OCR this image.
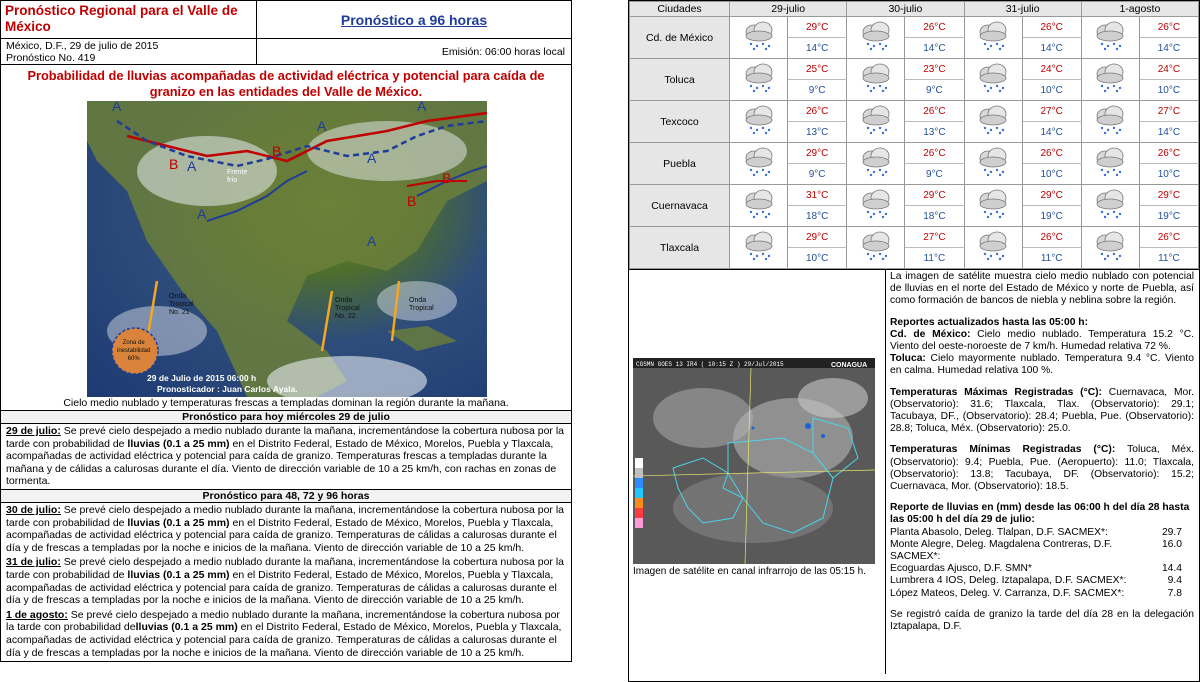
Pronóstico Regional para el Valle de México	Pronóstico a 96 horas
México, D.F., 29 de julio de 2015
Pronóstico No. 419
Emisión: 06:00 horas local
Probabilidad de lluvias acompañadas de actividad eléctrica y potencial para caída de granizo en las entidades del Valle de México.
A
A
B A
A
A
B
B
B
A
A
Frente
frío
Onda
Tropical
No. 21
Onda
Tropical
No. 22
Onda
Tropical
Zona de
inestabilidad
60%
29 de Julio de 2015 06:00 h
Pronosticador : Juan Carlos Ayala.
Cielo medio nublado y temperaturas frescas a templadas dominan la región durante la mañana.
Pronóstico para hoy miércoles 29 de julio
29 de julio: Se prevé cielo despejado a medio nublado durante la mañana, incrementándose la cobertura nubosa por la tarde con probabilidad de lluvias (0.1 a 25 mm) en el Distrito Federal, Estado de México, Morelos, Puebla y Tlaxcala, acompañadas de actividad eléctrica y potencial para caída de granizo. Temperaturas frescas a templadas durante la mañana y de cálidas a calurosas durante el día. Viento de dirección variable de 10 a 25 km/h, con rachas en zonas de tormenta.
Pronóstico para 48, 72 y 96 horas
30 de julio: Se prevé cielo despejado a medio nublado durante la mañana, incrementándose la cobertura nubosa por la tarde con probabilidad de lluvias (0.1 a 25 mm) en el Distrito Federal, Estado de México, Morelos, Puebla y Tlaxcala, acompañadas de actividad eléctrica y potencial para caída de granizo. Temperaturas de cálidas a calurosas durante el día y de frescas a templadas por la noche e inicios de la mañana. Viento de dirección variable de 10 a 25 km/h.
31 de julio: Se prevé cielo despejado a medio nublado durante la mañana, incrementándose la cobertura nubosa por la tarde con probabilidad de lluvias (0.1 a 25 mm) en el Distrito Federal, Estado de México, Morelos, Puebla y Tlaxcala, acompañadas de actividad eléctrica y potencial para caída de granizo. Temperaturas de cálidas a calurosas durante el día y de frescas a templadas por la noche e inicios de la mañana. Viento de dirección variable de 10 a 25 km/h.
1 de agosto: Se prevé cielo despejado a medio nublado durante la mañana, incrementándose la cobertura nubosa por la tarde con probabilidad delluvias (0.1 a 25 mm) en el Distrito Federal, Estado de México, Morelos, Puebla y Tlaxcala, acompañadas de actividad eléctrica y potencial para caída de granizo. Temperaturas de cálidas a calurosas durante el día y de frescas a templadas por la noche e inicios de la mañana. Viento de dirección variable de 10 a 25 km/h.
Ciudades	29-julio		30-julio		31-julio		1-agosto	
Cd. de México		29°C		26°C		26°C		26°C
		14°C		14°C		14°C		14°C
Toluca		25°C		23°C		24°C		24°C
		9°C		9°C		10°C		10°C
Texcoco		26°C		26°C		27°C		27°C
		13°C		13°C		14°C		14°C
Puebla		29°C		26°C		26°C		26°C
		9°C		9°C		10°C		10°C
Cuernavaca		31°C		29°C		29°C		29°C
		18°C		18°C		19°C		19°C
Tlaxcala		29°C		27°C		26°C		26°C
		10°C		11°C		11°C		11°C
CGSMN GOES 13 IR4 ( 10:15 Z ) 29/Jul/2015	CONAGUA
Imagen de satélite en canal infrarrojo de las 05:15 h.

La imagen de satélite muestra cielo medio nublado con potencial de lluvias en el norte del Estado de México y norte de Puebla, así como formación de bancos de niebla y neblina sobre la región.

Reportes actualizados hasta las 05:00 h:

Cd. de México: Cielo medio nublado. Temperatura 15.2 °C. Viento del oeste-noroeste de 7 km/h. Humedad relativa 72 %.

Toluca: Cielo mayormente nublado. Temperatura 9.4 °C. Viento en calma. Humedad relativa 100 %.

Temperaturas Máximas Registradas (°C): Cuernavaca, Mor. (Observatorio): 31.6; Tlaxcala, Tlax. (Observatorio): 29.1; Tacubaya, DF., (Observatorio): 28.4; Puebla, Pue. (Observatorio): 28.8; Toluca, Méx. (Observatorio): 25.0.

Temperaturas Mínimas Registradas (°C): Toluca, Méx. (Observatorio): 9.4; Puebla, Pue. (Aeropuerto): 11.0; Tlaxcala, (Observatorio): 13.8; Tacubaya, DF. (Observatorio): 15.2; Cuernavaca, Mor. (Observatorio): 18.5.

Reporte de lluvias en (mm) desde las 06:00 h del día 28 hasta las 05:00 h del día 29 de julio:
Planta Abasolo, Deleg. Tlalpan, D.F. SACMEX*:	29.7
Monte Alegre, Deleg. Magdalena Contreras, D.F. SACMEX*:
16.0
Ecoguardas Ajusco, D.F. SMN*	14.4
Lumbrera 4 IOS, Deleg. Iztapalapa, D.F. SACMEX*:	9.4
López Mateos, Deleg. V. Carranza, D.F. SACMEX*:	7.8

Se registró caída de granizo la tarde del día 28 en la delegación Iztapalapa, D.F.
